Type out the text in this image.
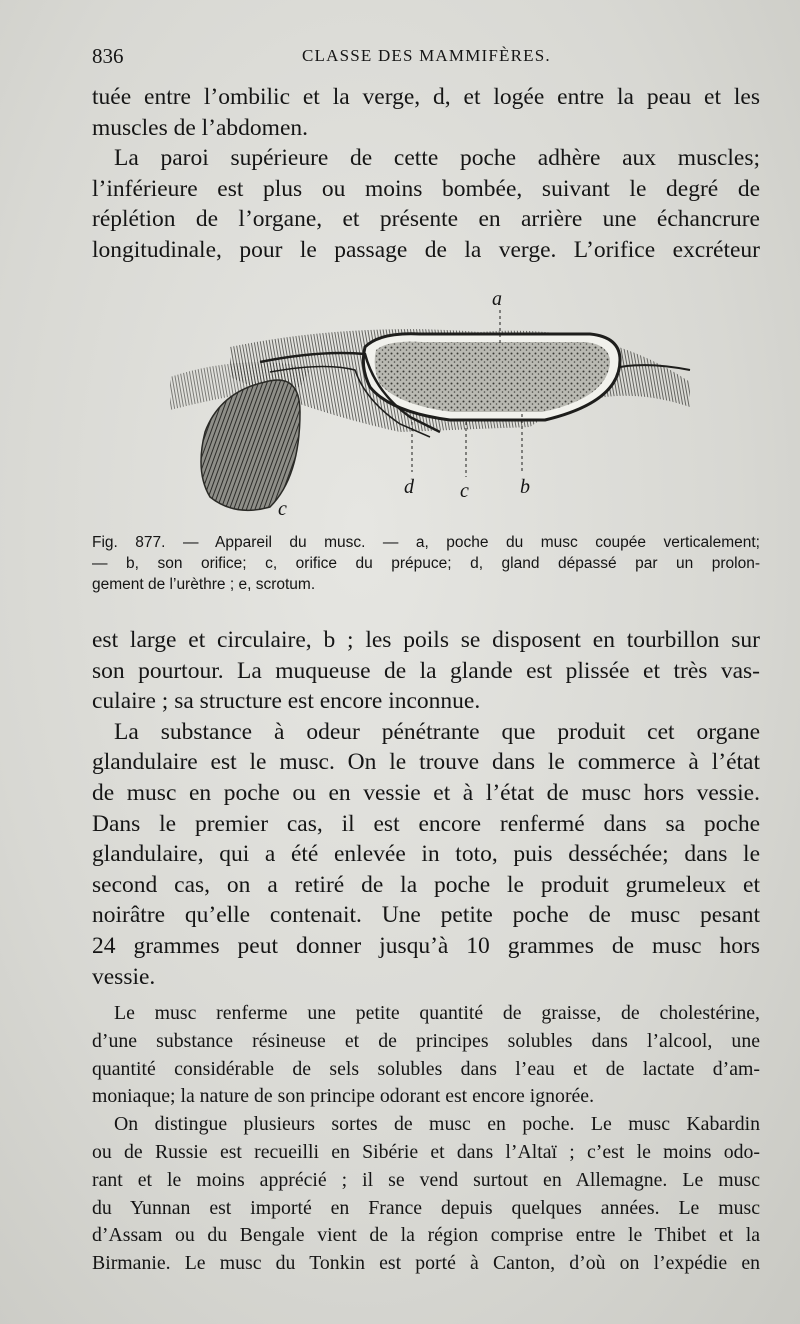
836	CLASSE DES MAMMIFÈRES.
tuée entre l’ombilic et la verge, d, et logée entre la peau et les
muscles de l’abdomen.
La paroi supérieure de cette poche adhère aux muscles;
l’inférieure est plus ou moins bombée, suivant le degré de
réplétion de l’organe, et présente en arrière une échancrure
longitudinale, pour le passage de la verge. L’orifice excréteur
a
d c	b
c
Fig. 877. — Appareil du musc. — a, poche du musc coupée verticalement;
— b, son orifice; c, orifice du prépuce; d, gland dépassé par un prolon-
gement de l’urèthre ; e, scrotum.
est large et circulaire, b ; les poils se disposent en tourbillon sur
son pourtour. La muqueuse de la glande est plissée et très vas-
culaire ; sa structure est encore inconnue.
La substance à odeur pénétrante que produit cet organe
glandulaire est le musc. On le trouve dans le commerce à l’état
de musc en poche ou en vessie et à l’état de musc hors vessie.
Dans le premier cas, il est encore renfermé dans sa poche
glandulaire, qui a été enlevée in toto, puis desséchée; dans le
second cas, on a retiré de la poche le produit grumeleux et
noirâtre qu’elle contenait. Une petite poche de musc pesant
24 grammes peut donner jusqu’à 10 grammes de musc hors
vessie.
Le musc renferme une petite quantité de graisse, de cholestérine,
d’une substance résineuse et de principes solubles dans l’alcool, une
quantité considérable de sels solubles dans l’eau et de lactate d’am-
moniaque; la nature de son principe odorant est encore ignorée.
On distingue plusieurs sortes de musc en poche. Le musc Kabardin
ou de Russie est recueilli en Sibérie et dans l’Altaï ; c’est le moins odo-
rant et le moins apprécié ; il se vend surtout en Allemagne. Le musc
du Yunnan est importé en France depuis quelques années. Le musc
d’Assam ou du Bengale vient de la région comprise entre le Thibet et la
Birmanie. Le musc du Tonkin est porté à Canton, d’où on l’expédie en
